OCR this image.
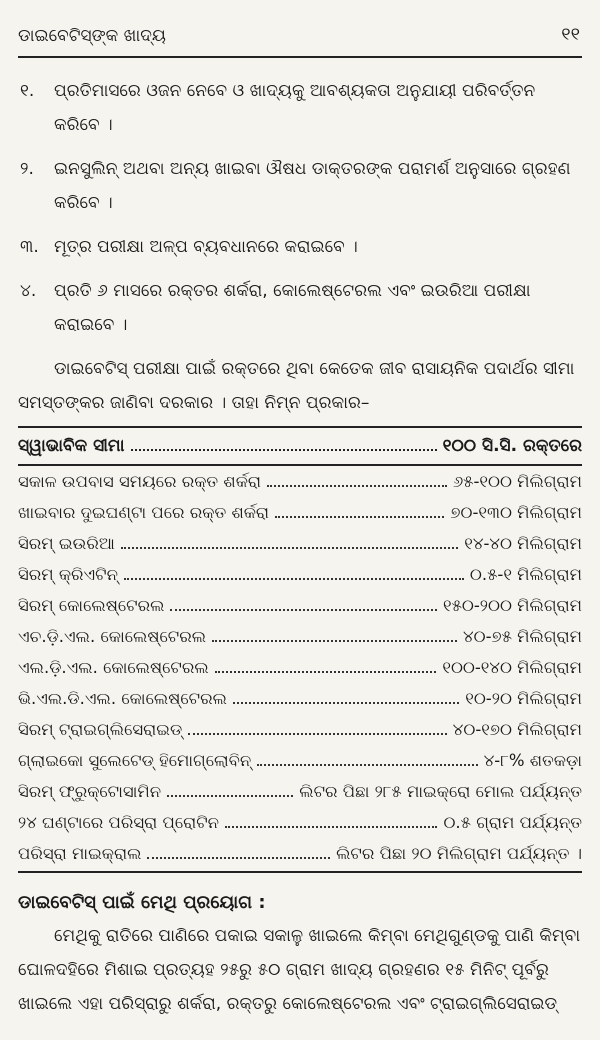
ଡାଇବେଟିସ୍‌ଙ୍କ ଖାଦ୍ୟ	୧୧
୧. ପ୍ରତିମାସରେ ଓଜନ ନେବେ ଓ ଖାଦ୍ୟକୁ ଆବଶ୍ୟକତା ଅନୁଯାୟୀ ପରିବର୍ତ୍ତନ କରିବେ ।
୨. ଇନସୁଲିନ୍ ଅଥବା ଅନ୍ୟ ଖାଇବା ଔଷଧ ଡାକ୍ତରଙ୍କ ପରାମର୍ଶ ଅନୁସାରେ ଗ୍ରହଣ କରିବେ ।
୩. ମୂତ୍ର ପରୀକ୍ଷା ଅଳ୍ପ ବ୍ୟବଧାନରେ କରାଇବେ ।
୪. ପ୍ରତି ୬ ମାସରେ ରକ୍ତର ଶର୍କରା, କୋଲେଷ୍ଟେରଲ ଏବଂ ଇଉରିଆ ପରୀକ୍ଷା କରାଇବେ ।
ଡାଇବେଟିସ୍ ପରୀକ୍ଷା ପାଇଁ ରକ୍ତରେ ଥିବା କେତେକ ଜୀବ ରାସାୟନିକ ପଦାର୍ଥର ସୀମା ସମସ୍ତଙ୍କର ଜାଣିବା ଦରକାର । ତାହା ନିମ୍ନ ପ୍ରକାର–
ସ୍ୱାଭାବିକ ସୀମା	୧୦୦ ସି.ସି. ରକ୍ତରେ
ସକାଳ ଉପବାସ ସମୟରେ ରକ୍ତ ଶର୍କରା	୬୫-୧୦୦ ମିଲିଗ୍ରାମ
ଖାଇବାର ଦୁଇଘଣ୍ଟା ପରେ ରକ୍ତ ଶର୍କରା	୭୦-୧୩୦ ମିଲିଗ୍ରାମ
ସିରମ୍ ଇଉରିଆ	୧୪-୪୦ ମିଲିଗ୍ରାମ
ସିରମ୍ କ୍ରିଏଟିନ୍	୦.୫-୧ ମିଲିଗ୍ରାମ
ସିରମ୍ କୋଲେଷ୍ଟେରଲ	୧୫୦-୨୦୦ ମିଲିଗ୍ରାମ
ଏଚ.ଡ଼ି.ଏଲ. କୋଲେଷ୍ଟେରଲ	୪୦-୭୫ ମିଲିଗ୍ରାମ
ଏଲ.ଡ଼ି.ଏଲ. କୋଲେଷ୍ଟେରଲ	୧୦୦-୧୪୦ ମିଲିଗ୍ରାମ
ଭି.ଏଲ.ଡି.ଏଲ. କୋଲେଷ୍ଟେରଲ	୧୦-୨୦ ମିଲିଗ୍ରାମ
ସିରମ୍ ଟ୍ରାଇଗ୍ଲିସେରାଇଡ୍	୪୦-୧୭୦ ମିଲିଗ୍ରାମ
ଗ୍ଲାଇକୋ ସୁଲେଟେଡ୍ ହିମୋଗ୍ଲୋବିନ୍	୪-୮% ଶତକଡ଼ା
ସିରମ୍ ଫ୍ରୁକ୍ଟୋସାମିନ	ଲିଟର ପିଛା ୨୮୫ ମାଇକ୍ରୋ ମୋଲ ପର୍ଯ୍ୟନ୍ତ
୨୪ ଘଣ୍ଟାରେ ପରିସ୍ରା ପ୍ରୋଟିନ	୦.୫ ଗ୍ରାମ ପର୍ଯ୍ୟନ୍ତ
ପରିସ୍ରା ମାଇକ୍ରାଲ	ଲିଟର ପିଛା ୨୦ ମିଲିଗ୍ରାମ ପର୍ଯ୍ୟନ୍ତ ।
ଡାଇବେଟିସ୍ ପାଇଁ ମେଥି ପ୍ରୟୋଗ :
ମେଥିକୁ ରାତିରେ ପାଣିରେ ପକାଇ ସକାଳୁ ଖାଇଲେ କିମ୍ବା ମେଥିଗୁଣ୍ଡକୁ ପାଣି କିମ୍ବା ଘୋଳଦହିରେ ମିଶାଇ ପ୍ରତ୍ୟହ ୨୫ରୁ ୫୦ ଗ୍ରାମ ଖାଦ୍ୟ ଗ୍ରହଣର ୧୫ ମିନିଟ୍ ପୂର୍ବରୁ ଖାଇଲେ ଏହା ପରିସ୍ରାରୁ ଶର୍କରା, ରକ୍ତରୁ କୋଲେଷ୍ଟେରଲ ଏବଂ ଟ୍ରାଇଗ୍ଲିସେରାଇଡ୍
